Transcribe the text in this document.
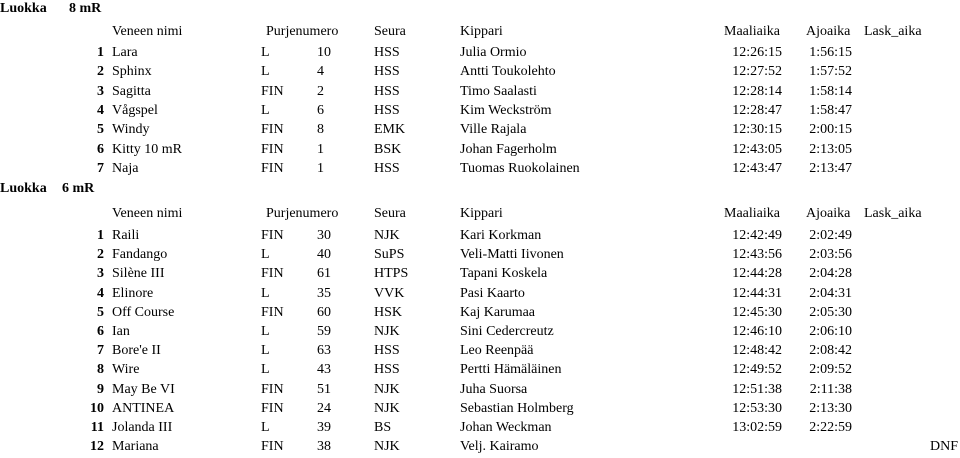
Luokka 8 mR
Veneen nimi	Purjenumero	Seura	Kippari	Maaliaika Ajoaika Lask_aika
1 Lara	L	10	HSS	Julia Ormio	12:26:15	1:56:15
2 Sphinx	L	4	HSS	Antti Toukolehto	12:27:52	1:57:52
3 Sagitta	FIN 2	HSS	Timo Saalasti	12:28:14	1:58:14
4 Vågspel	L	6	HSS	Kim Weckström	12:28:47	1:58:47
5 Windy	FIN 8	EMK	Ville Rajala	12:30:15	2:00:15
6 Kitty 10 mR	FIN 1	BSK	Johan Fagerholm	12:43:05	2:13:05
7 Naja	FIN 1	HSS	Tuomas Ruokolainen	12:43:47	2:13:47
Luokka 6 mR
Veneen nimi	Purjenumero	Seura	Kippari	Maaliaika Ajoaika Lask_aika
1 Raili	FIN 30	NJK	Kari Korkman	12:42:49	2:02:49
2 Fandango	L	40	SuPS	Veli-Matti Iivonen	12:43:56	2:03:56
3 Silène III	FIN 61	HTPS	Tapani Koskela	12:44:28	2:04:28
4 Elinore	L	35	VVK	Pasi Kaarto	12:44:31	2:04:31
5 Off Course	FIN 60	HSK	Kaj Karumaa	12:45:30	2:05:30
6 Ian	L	59	NJK	Sini Cedercreutz	12:46:10	2:06:10
7 Bore'e II	L	63	HSS	Leo Reenpää	12:48:42	2:08:42
8 Wire	L	43	HSS	Pertti Hämäläinen	12:49:52	2:09:52
9 May Be VI	FIN 51	NJK	Juha Suorsa	12:51:38	2:11:38
10 ANTINEA	FIN 24	NJK	Sebastian Holmberg	12:53:30	2:13:30
11 Jolanda III	L	39	BS	Johan Weckman	13:02:59	2:22:59
12 Mariana	FIN 38	NJK	Velj. Kairamo	DNF
